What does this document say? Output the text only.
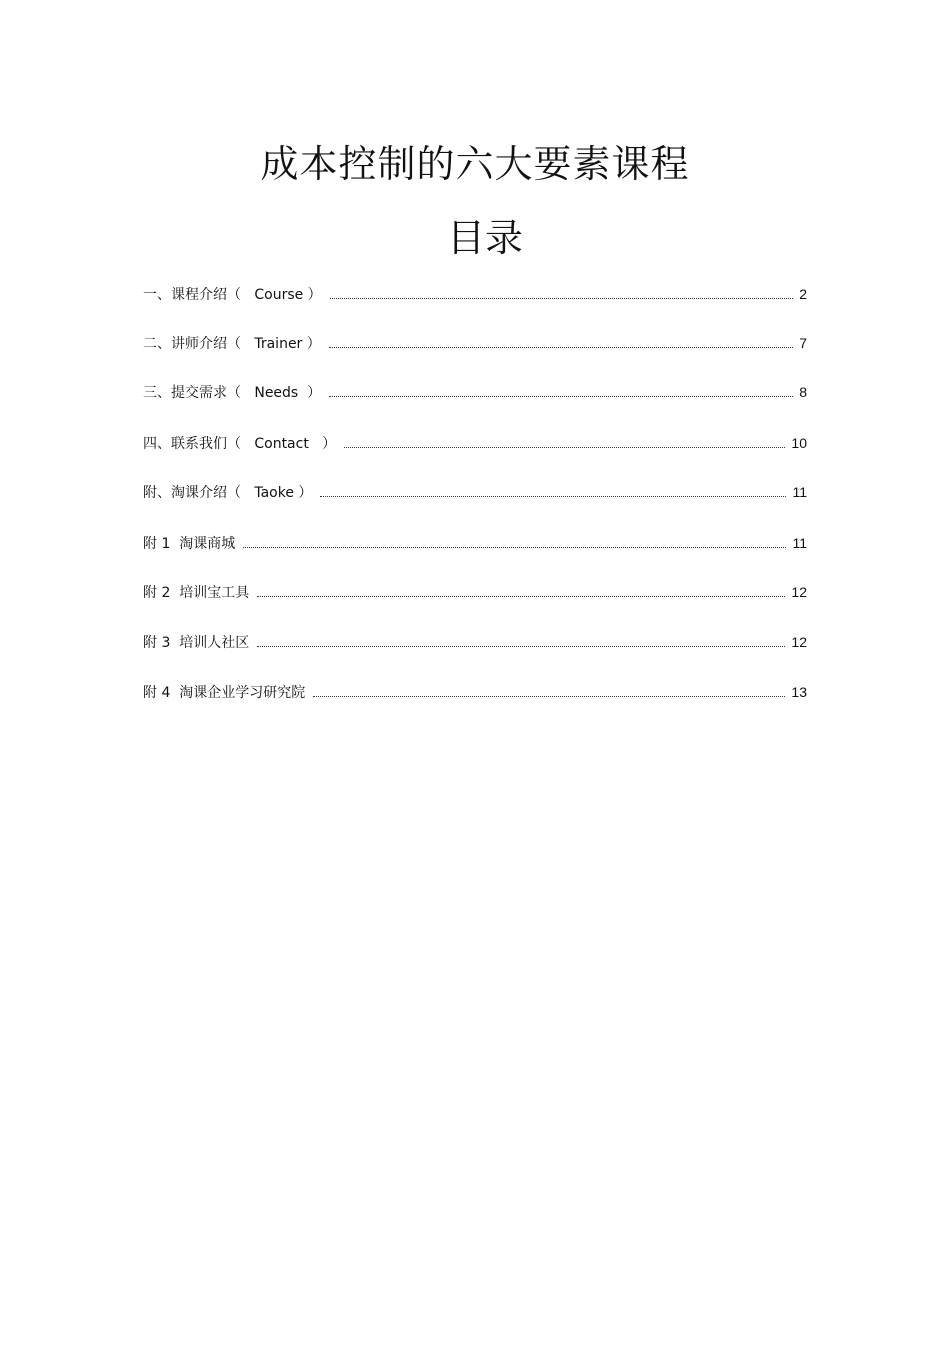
成本控制的六大要素课程
目录
一、课程介绍（   Course ）	2
二、讲师介绍（   Trainer ）	7
三、提交需求（   Needs  ）	8
四、联系我们（   Contact   ）	10
附、淘课介绍（   Taoke ）	11
附 1  淘课商城	11
附 2  培训宝工具	12
附 3  培训人社区	12
附 4  淘课企业学习研究院	13
